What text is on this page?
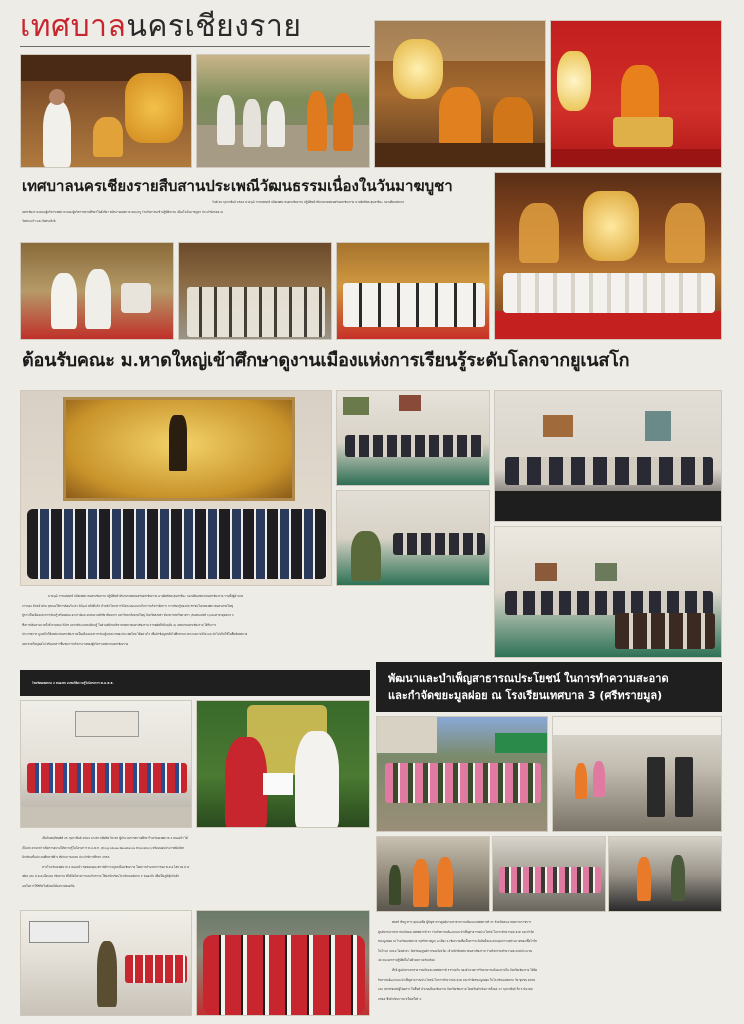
เทศบาลนครเชียงราย
เทศบาลนครเชียงรายสืบสานประเพณีวัฒนธรรมเนื่องในวันมาฆบูชา
วันที่ 26 กุมภาพันธ์ 2564 นายวุฒิ วรรณพฤกษ์ ปลัดเทศบาลนครเชียงราย ปฏิบัติหน้าที่นายกเทศมนตรีนครเชียงราย นายอิทธิพล สุนทรสินะ รองปลัดเทศบาล
นครเชียงราย คณะผู้บริหารเทศบาล คณะผู้บริหารสถานศึกษาในสังกัดฯ พนักงานเทศบาล คณะครู ร่วมกิจกรรมเข้าปฏิบัติธรรม เนื่องในวันมาฆบูชา ประจำปี2564 ณ
วัดพระแก้ว และวัดพระสิงห์
ต้อนรับคณะ ม.หาดใหญ่เข้าศึกษาดูงานเมืองแห่งการเรียนรู้ระดับโลกจากยูเนสโก
นายวุฒิ วรรณพฤกษ์ ปลัดเทศบาลนครเชียงราย ปฏิบัติหน้าที่นายกเทศมนตรีนครเชียงราย นายอิทธิพล สุนทรสินะ รองปลัดเทศบาลนครเชียงราย รวมทั้งผู้อำนวย
การกอง หัวหน้าฝ่าย ทุกกองให้การต้อนรับ ดร.นิวัฒน์ สวัสดิ์แก้ว หัวหน้าโครงการวิจัยระบบและกลไกการบริหารจัดการ การเรียนรู้ของประชาชนในเขตเทศบาลนครหาดใหญ่
สู่การเป็นเมืองแห่งการเรียนรู้ พร้อมคณะอาจารย์และหน่วยงานที่เกี่ยวข้องจาก มหาวิทยาลัยหาดใหญ่ จังหวัดสงขลา ที่อาคารสหวิทยาคาร (ขนส่งแห่งที่ 1)และศาลาดุดตาล จ
ซึ่งการเดินทางมาครั้งนี้ ทางคณะวิจัยฯ อยากที่จะแลกเปลี่ยนรู้ ในส่วนที่ฝ่ายบริหารเทศบาลนครเชียงราย จากอดีตถึงปัจจุบัน 2) เทศบาลนครเชียงราย ได้รับการ
ประกาศจาก ยูเนสโกให้เทศบาลนครเชียงรายเป็นเมืองแห่งการเรียนรู้แห่งแรกของประเทศไทย ได้อย่างไร เพื่อนำข้อมูลกลับไปศึกษาแนวทางแลงานวิจัย และนำไปปรับใช้ในพื้นที่เทศบาล
นครหาดใหญ่ต่อไป พร้อมกล่าวชื่นชมการบริหารงานของผู้บริหารเทศบาลนครเชียงราย
โรงเรียนเทศบาล 2 หนองบัว อบรมให้ความรู้ในโครงการ D.A.R.E.
เมื่อวันพฤหัสบดีที่ 25 กุมภาพันธ์ 2564 นางสาวเปียทิพ จิระพา ผู้อำนวยการสถานศึกษาโรงเรียนเทศบาล 2 หนองบัว ได้
เป็นประธานกล่าวเปิดการอบรมให้ความรู้ในโครงการ D.A.R.E. (Drug Abuse Resistance Education) พร้อมมอบประกาศนียบัตร
นักเรียนชั้นประถมศึกษาปีที่ 5 ที่ผ่านการอบรม ประจำปีการศึกษา 2563
ทางโรงเรียนเทศบาล 2 หนองบัว ขอขอบคุณ สถานีตำรวจภูธรเมืองเชียงราย โดยการอำนวยการของ พ.ต.อ.ไสยาณ ม่วง
เพียง และ ส.ต.ต.เอ็ดแมง เชียงราย ที่ได้จัดโครงการและกิจกรรม ให้แก่นักเรียนโรงเรียนเทศบาล 2 หนองบัว เพื่อเป็นภูมิคุ้มกันตัว
เองในการใช้ชีวิตในสังคมได้อย่างปลอดภัย.
พัฒนาและบำเพ็ญสาธารณประโยชน์ ในการทำความสะอาด
และกำจัดขยะมูลฝอย ณ โรงเรียนเทศบาล 3 (ศรีทรายมูล)
พลตรี ชัชฎาการ คุณแหลือ ผู้บัญชาการศูนย์บรรเทาสาธารณภัยและเทศพหารที่ 37 จังหวัดพะเยาสงครามราชการ
ศูนย์บรรเทาสาธารณภัยและเทศพหารที่ 37 ร่วมกิจกรรมพัฒนาและบำเพ็ญสาธารณประโยชน์ ในการทำความสะอาด และกำจัด
ขยะมูลฝอย ณ โรงเรียนเทศบาล 3(ศรีทรายมูล) อ.เมือง จ.เชียงรายเพื่อเป็นการระงับยับยั้งและควบคุมการแพร่ระบาดของเชื้อไวรัส
โคโรนา 2019 โดยมี ดร. นิกเรียน(ศูนย์การของจังหวัด, เจ้าหน้าที่เทศบาลนครเชียงราย ร่วมกิจกรรมทำความสะอาดประมาณ
40 คน ผลการปฏิบัติเป็นไปด้วยความเรียบร้อย
ทั้งนี้ ศูนย์บรรเทาสาธารณภัยและเทศพหารที่ 37ร่วมกับ กองอำนวยการรักษาความมั่นคงภายใน จังหวัดเชียงราย ได้จัด
กิจกรรมพัฒนาและบำเพ็ญสาธารณประโยชน์ ในการทำความสะอาด และกำจัดขยะมูลฝอย ในโรงเรียนเทศบาล วัด ชุมชน ตลาด
และ สถานีขนส่งผู้โดยสาร ในพื้นที่ อำเภอเมืองเชียงราย จังหวัดเชียงราย โดยเริ่มดำเนินการตั้งแต่ 17 กุมภาพันธ์ ถึง 5 มีนาคม
2564 ซึ่งดำเนินการมาเป็นครั้งที่ 3.
